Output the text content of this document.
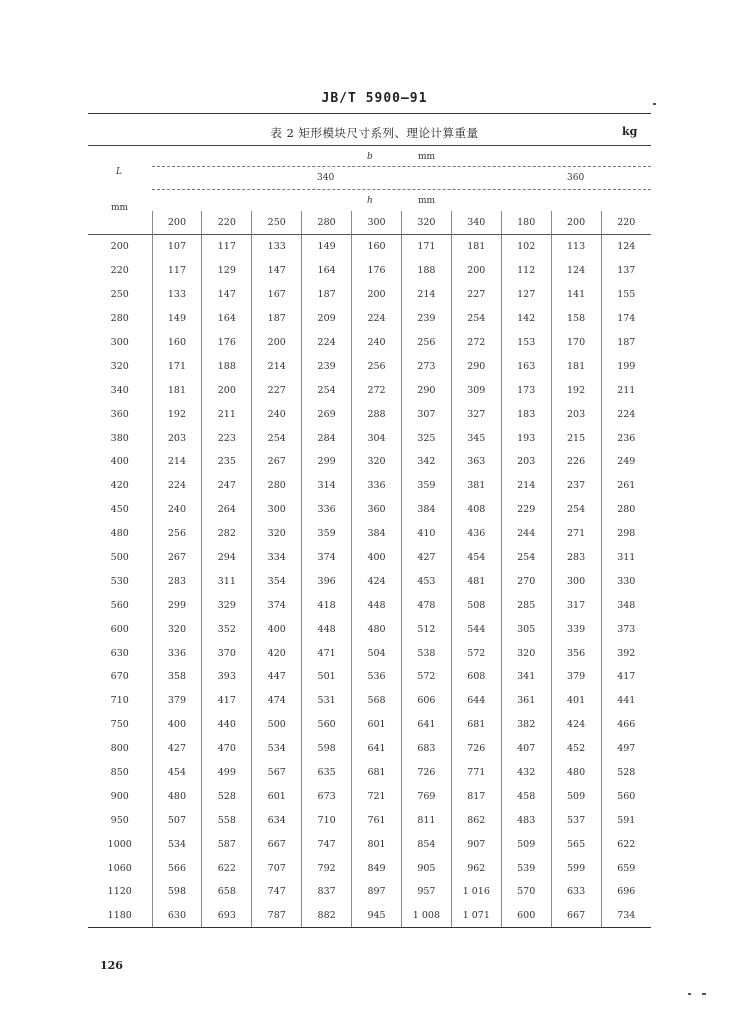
JB/T 5900—91
表 2 矩形模块尺寸系列、理论计算重量	kg
b	mm
L
mm
340	360
h	mm
	200	220	250	280	300	320	340	180	200	220
200	107	117	133	149	160	171	181	102	113	124
220	117	129	147	164	176	188	200	112	124	137
250	133	147	167	187	200	214	227	127	141	155
280	149	164	187	209	224	239	254	142	158	174
300	160	176	200	224	240	256	272	153	170	187
320	171	188	214	239	256	273	290	163	181	199
340	181	200	227	254	272	290	309	173	192	211
360	192	211	240	269	288	307	327	183	203	224
380	203	223	254	284	304	325	345	193	215	236
400	214	235	267	299	320	342	363	203	226	249
420	224	247	280	314	336	359	381	214	237	261
450	240	264	300	336	360	384	408	229	254	280
480	256	282	320	359	384	410	436	244	271	298
500	267	294	334	374	400	427	454	254	283	311
530	283	311	354	396	424	453	481	270	300	330
560	299	329	374	418	448	478	508	285	317	348
600	320	352	400	448	480	512	544	305	339	373
630	336	370	420	471	504	538	572	320	356	392
670	358	393	447	501	536	572	608	341	379	417
710	379	417	474	531	568	606	644	361	401	441
750	400	440	500	560	601	641	681	382	424	466
800	427	470	534	598	641	683	726	407	452	497
850	454	499	567	635	681	726	771	432	480	528
900	480	528	601	673	721	769	817	458	509	560
950	507	558	634	710	761	811	862	483	537	591
1000	534	587	667	747	801	854	907	509	565	622
1060	566	622	707	792	849	905	962	539	599	659
1120	598	658	747	837	897	957	1 016	570	633	696
1180	630	693	787	882	945	1 008	1 071	600	667	734
126
